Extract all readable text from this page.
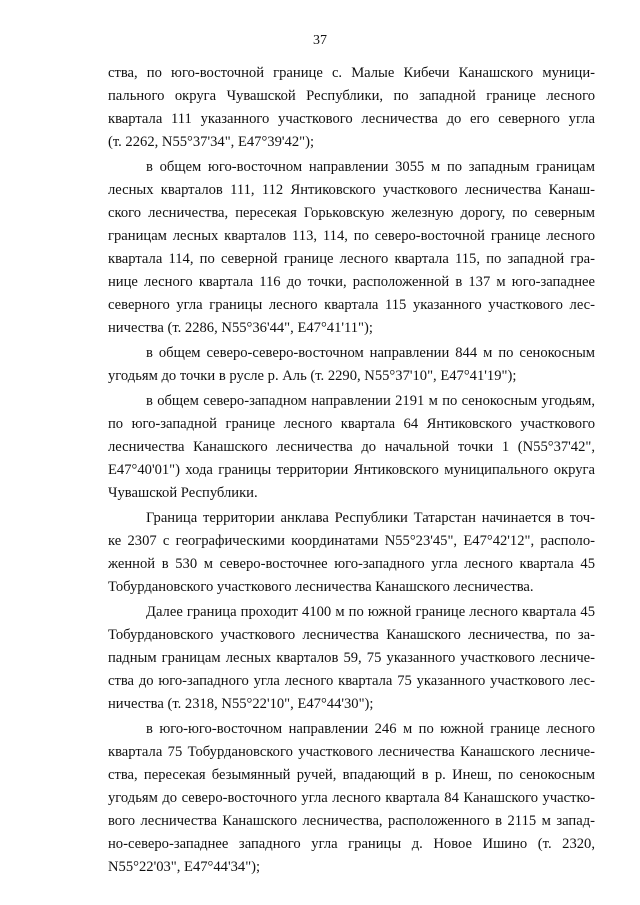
37
ства, по юго-восточной границе с. Малые Кибечи Канашского муници-
пального округа Чувашской Республики, по западной границе лесного
квартала 111 указанного участкового лесничества до его северного угла
(т. 2262, N55°37'34", E47°39'42");
в общем юго-восточном направлении 3055 м по западным границам
лесных кварталов 111, 112 Янтиковского участкового лесничества Канаш-
ского лесничества, пересекая Горьковскую железную дорогу, по северным
границам лесных кварталов 113, 114, по северо-восточной границе лесного
квартала 114, по северной границе лесного квартала 115, по западной гра-
нице лесного квартала 116 до точки, расположенной в 137 м юго-западнее
северного угла границы лесного квартала 115 указанного участкового лес-
ничества (т. 2286, N55°36'44", E47°41'11");
в общем северо-северо-восточном направлении 844 м по сенокосным
угодьям до точки в русле р. Аль (т. 2290, N55°37'10", E47°41'19");
в общем северо-западном направлении 2191 м по сенокосным угодьям,
по юго-западной границе лесного квартала 64 Янтиковского участкового
лесничества Канашского лесничества до начальной точки 1 (N55°37'42",
E47°40'01") хода границы территории Янтиковского муниципального округа
Чувашской Республики.
Граница территории анклава Республики Татарстан начинается в точ-
ке 2307 с географическими координатами N55°23'45", E47°42'12", располо-
женной в 530 м северо-восточнее юго-западного угла лесного квартала 45
Тобурдановского участкового лесничества Канашского лесничества.
Далее граница проходит 4100 м по южной границе лесного квартала 45
Тобурдановского участкового лесничества Канашского лесничества, по за-
падным границам лесных кварталов 59, 75 указанного участкового лесниче-
ства до юго-западного угла лесного квартала 75 указанного участкового лес-
ничества (т. 2318, N55°22'10", E47°44'30");
в юго-юго-восточном направлении 246 м по южной границе лесного
квартала 75 Тобурдановского участкового лесничества Канашского лесниче-
ства, пересекая безымянный ручей, впадающий в р. Инеш, по сенокосным
угодьям до северо-восточного угла лесного квартала 84 Канашского участко-
вого лесничества Канашского лесничества, расположенного в 2115 м запад-
но-северо-западнее западного угла границы д. Новое Ишино (т. 2320,
N55°22'03", E47°44'34");
